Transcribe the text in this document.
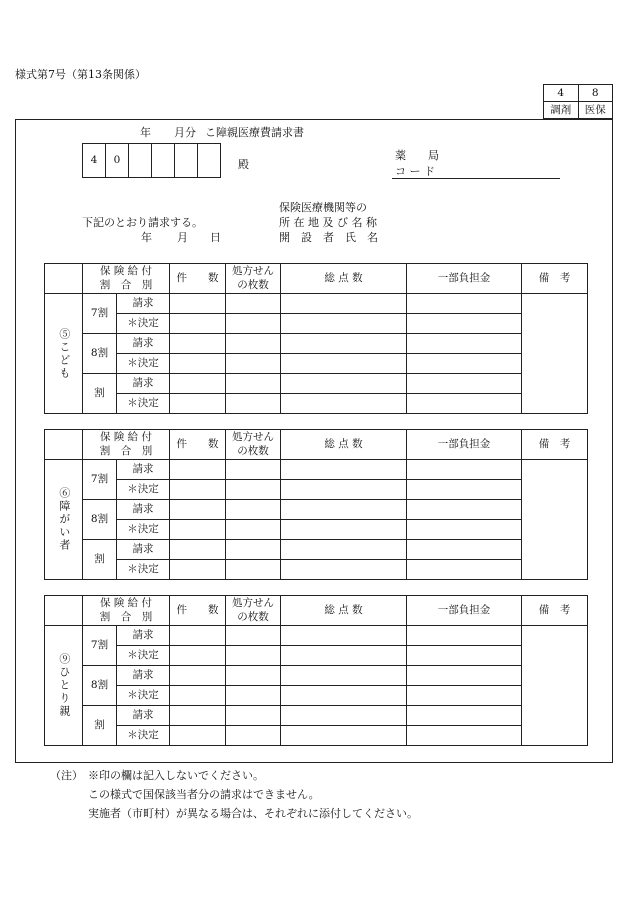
様式第7号（第13条関係）
4	8
調剤	医保
年 月分 こ障親医療費請求書
4	0					殿
薬　　局
コ ー ド
保険医療機関等の
下記のとおり請求する。	所 在 地 及 び 名 称
年 月 日	開　設　者　氏　名
	保 険 給 付
割　合　別		件　　数	処方せん
の枚数	総 点 数	一部負担金	備　考
⑤こども	7割	請求					
		＊決定					
	8割	請求					
		＊決定					
	割	請求					
		＊決定					

	保 険 給 付
割　合　別		件　　数	処方せん
の枚数	総 点 数	一部負担金	備　考
⑥障がい者	7割	請求					
		＊決定					
	8割	請求					
		＊決定					
	割	請求					
		＊決定					

	保 険 給 付
割　合　別		件　　数	処方せん
の枚数	総 点 数	一部負担金	備　考
⑨ひとり親	7割	請求					
		＊決定					
	8割	請求					
		＊決定					
	割	請求					
		＊決定					
（注） ※印の欄は記入しないでください。
この様式で国保該当者分の請求はできません。
実施者（市町村）が異なる場合は、それぞれに添付してください。
